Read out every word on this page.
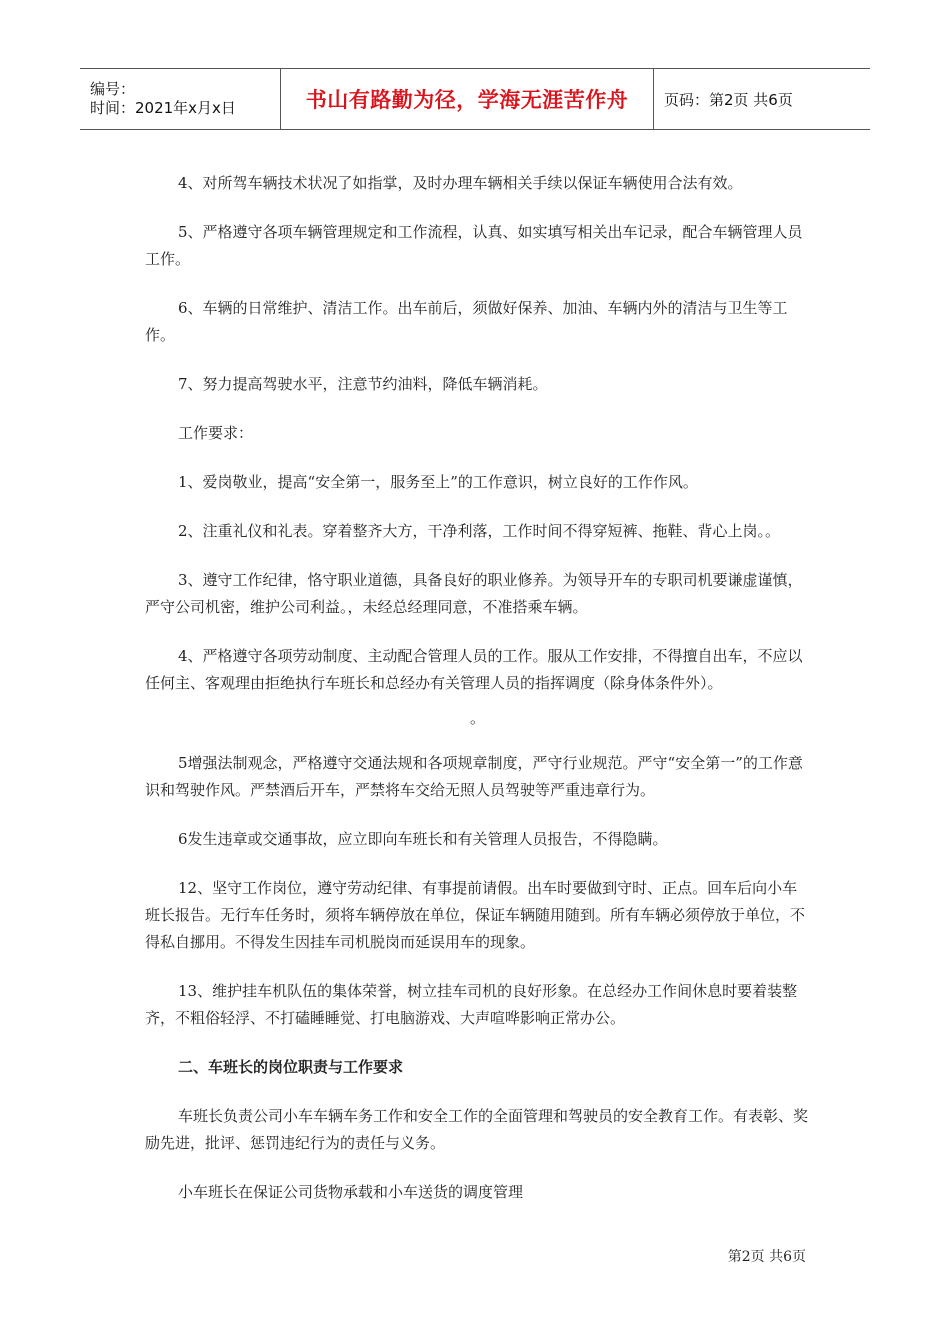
编号：
时间：2021年x月x日	书山有路勤为径，学海无涯苦作舟	页码：第2页 共6页

4、对所驾车辆技术状况了如指掌，及时办理车辆相关手续以保证车辆使用合法有效。

5、严格遵守各项车辆管理规定和工作流程，认真、如实填写相关出车记录，配合车辆管理人员工作。

6、车辆的日常维护、清洁工作。出车前后，须做好保养、加油、车辆内外的清洁与卫生等工作。

7、努力提高驾驶水平，注意节约油料，降低车辆消耗。

工作要求：

1、爱岗敬业，提高“安全第一，服务至上”的工作意识，树立良好的工作作风。

2、注重礼仪和礼表。穿着整齐大方，干净利落，工作时间不得穿短裤、拖鞋、背心上岗。。

3、遵守工作纪律，恪守职业道德，具备良好的职业修养。为领导开车的专职司机要谦虚谨慎，严守公司机密，维护公司利益。，未经总经理同意，不准搭乘车辆。

4、严格遵守各项劳动制度、主动配合管理人员的工作。服从工作安排，不得擅自出车，不应以任何主、客观理由拒绝执行车班长和总经办有关管理人员的指挥调度（除身体条件外）。

。

5增强法制观念，严格遵守交通法规和各项规章制度，严守行业规范。严守“安全第一”的工作意识和驾驶作风。严禁酒后开车，严禁将车交给无照人员驾驶等严重违章行为。

6发生违章或交通事故，应立即向车班长和有关管理人员报告，不得隐瞒。

12、坚守工作岗位，遵守劳动纪律、有事提前请假。出车时要做到守时、正点。回车后向小车班长报告。无行车任务时，须将车辆停放在单位，保证车辆随用随到。所有车辆必须停放于单位，不得私自挪用。不得发生因挂车司机脱岗而延误用车的现象。

13、维护挂车机队伍的集体荣誉，树立挂车司机的良好形象。在总经办工作间休息时要着装整齐，不粗俗轻浮、不打磕睡睡觉、打电脑游戏、大声喧哗影响正常办公。

二、车班长的岗位职责与工作要求

车班长负责公司小车车辆车务工作和安全工作的全面管理和驾驶员的安全教育工作。有表彰、奖励先进，批评、惩罚违纪行为的责任与义务。

小车班长在保证公司货物承载和小车送货的调度管理

第2页 共6页
